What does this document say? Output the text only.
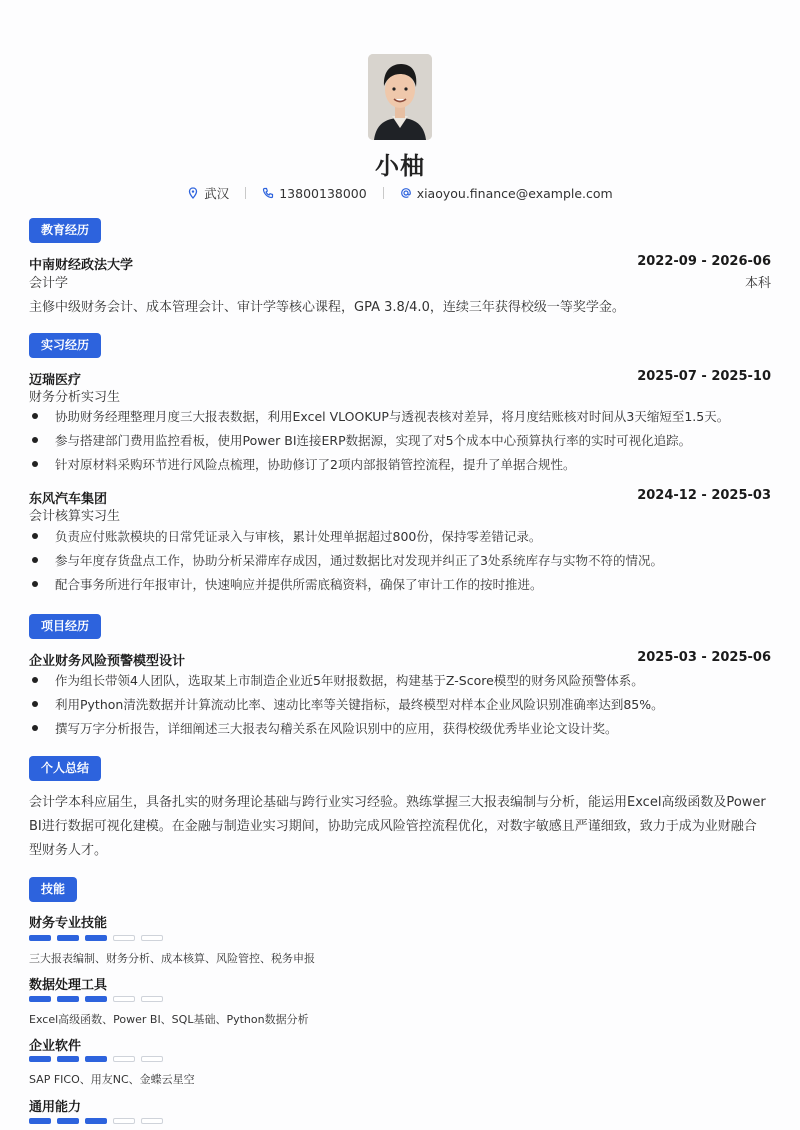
小柚
武汉
	13800138000
	xiaoyou.finance@example.com
教育经历
中南财经政法大学	2022-09 - 2026-06
会计学	本科
主修中级财务会计、成本管理会计、审计学等核心课程，GPA 3.8/4.0，连续三年获得校级一等奖学金。
实习经历
迈瑞医疗	2025-07 - 2025-10
财务分析实习生
协助财务经理整理月度三大报表数据，利用Excel VLOOKUP与透视表核对差异，将月度结账核对时间从3天缩短至1.5天。
参与搭建部门费用监控看板，使用Power BI连接ERP数据源，实现了对5个成本中心预算执行率的实时可视化追踪。
针对原材料采购环节进行风险点梳理，协助修订了2项内部报销管控流程，提升了单据合规性。
东风汽车集团	2024-12 - 2025-03
会计核算实习生
负责应付账款模块的日常凭证录入与审核，累计处理单据超过800份，保持零差错记录。
参与年度存货盘点工作，协助分析呆滞库存成因，通过数据比对发现并纠正了3处系统库存与实物不符的情况。
配合事务所进行年报审计，快速响应并提供所需底稿资料，确保了审计工作的按时推进。
项目经历
企业财务风险预警模型设计	2025-03 - 2025-06
作为组长带领4人团队，选取某上市制造企业近5年财报数据，构建基于Z-Score模型的财务风险预警体系。
利用Python清洗数据并计算流动比率、速动比率等关键指标，最终模型对样本企业风险识别准确率达到85%。
撰写万字分析报告，详细阐述三大报表勾稽关系在风险识别中的应用，获得校级优秀毕业论文设计奖。
个人总结
会计学本科应届生，具备扎实的财务理论基础与跨行业实习经验。熟练掌握三大报表编制与分析，能运用Excel高级函数及Power
BI进行数据可视化建模。在金融与制造业实习期间，协助完成风险管控流程优化，对数字敏感且严谨细致，致力于成为业财融合
型财务人才。
技能
财务专业技能
三大报表编制、财务分析、成本核算、风险管控、税务申报
数据处理工具
Excel高级函数、Power BI、SQL基础、Python数据分析
企业软件
SAP FICO、用友NC、金蝶云星空
通用能力
